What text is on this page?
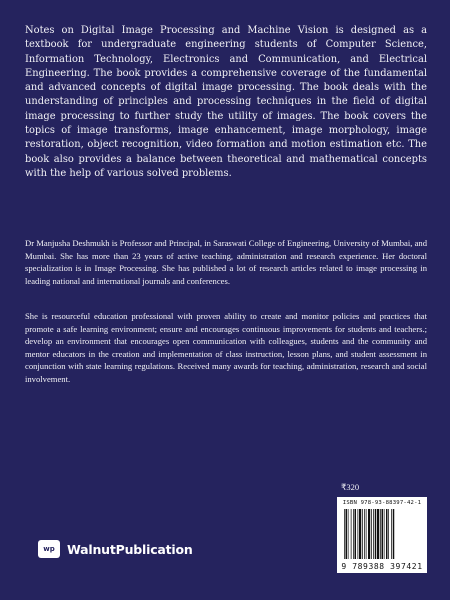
Notes on Digital Image Processing and Machine Vision is designed as a textbook for undergraduate engineering students of Computer Science, Information Technology, Electronics and Communication, and Electrical Engineering. The book provides a comprehensive coverage of the fundamental and advanced concepts of digital image processing. The book deals with the understanding of principles and processing techniques in the field of digital image processing to further study the utility of images. The book covers the topics of image transforms, image enhancement, image morphology, image restoration, object recognition, video formation and motion estimation etc. The book also provides a balance between theoretical and mathematical concepts with the help of various solved problems.

Dr Manjusha Deshmukh is Professor and Principal, in Saraswati College of Engineering, University of Mumbai, and Mumbai. She has more than 23 years of active teaching, administration and research experience. Her doctoral specialization is in Image Processing. She has published a lot of research articles related to image processing in leading national and international journals and conferences.

She is resourceful education professional with proven ability to create and monitor policies and practices that promote a safe learning environment; ensure and encourages continuous improvements for students and teachers.; develop an environment that encourages open communication with colleagues, students and the community and mentor educators in the creation and implementation of class instruction, lesson plans, and student assessment in conjunction with state learning regulations. Received many awards for teaching, administration, research and social involvement.

₹320
ISBN 978-93-88397-42-1
9 789388 397421
wp WalnutPublication
